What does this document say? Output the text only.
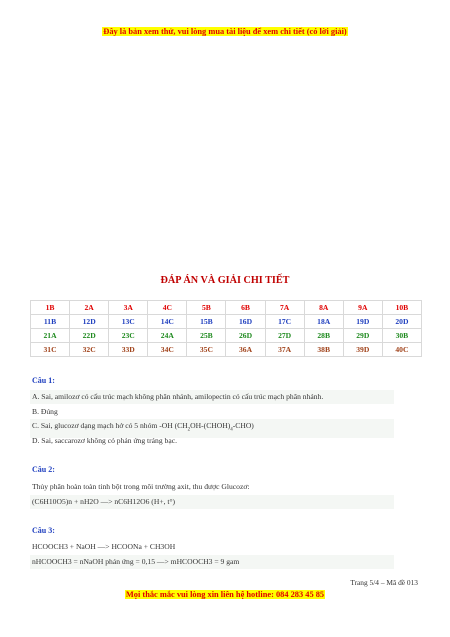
Đây là bản xem thử, vui lòng mua tài liệu để xem chi tiết (có lời giải)
ĐÁP ÁN VÀ GIẢI CHI TIẾT
1B	2A	3A	4C	5B	6B	7A	8A	9A	10B
11B	12D	13C	14C	15B	16D	17C	18A	19D	20D
21A	22D	23C	24A	25B	26D	27D	28B	29D	30B
31C	32C	33D	34C	35C	36A	37A	38B	39D	40C
Câu 1:
A. Sai, amilozơ có cấu trúc mạch không phân nhánh, amilopectin có cấu trúc mạch phân nhánh.
B. Đúng
C. Sai, glucozơ dạng mạch hở có 5 nhóm -OH $(CH_2OH-(CHOH)_4-CHO)$
D. Sai, saccarozơ không có phản ứng tráng bạc.
Câu 2:
Thủy phân hoàn toàn tinh bột trong môi trường axit, thu được Glucozơ:
(C6H10O5)n + nH2O —> nC6H12O6 (H+, t°)
Câu 3:
HCOOCH3 + NaOH —> HCOONa + CH3OH
nHCOOCH3 = nNaOH phản ứng = 0,15 —> mHCOOCH3 = 9 gam
Trang 5/4 – Mã đề 013
Mọi thắc mắc vui lòng xin liên hệ hotline: 084 283 45 85
